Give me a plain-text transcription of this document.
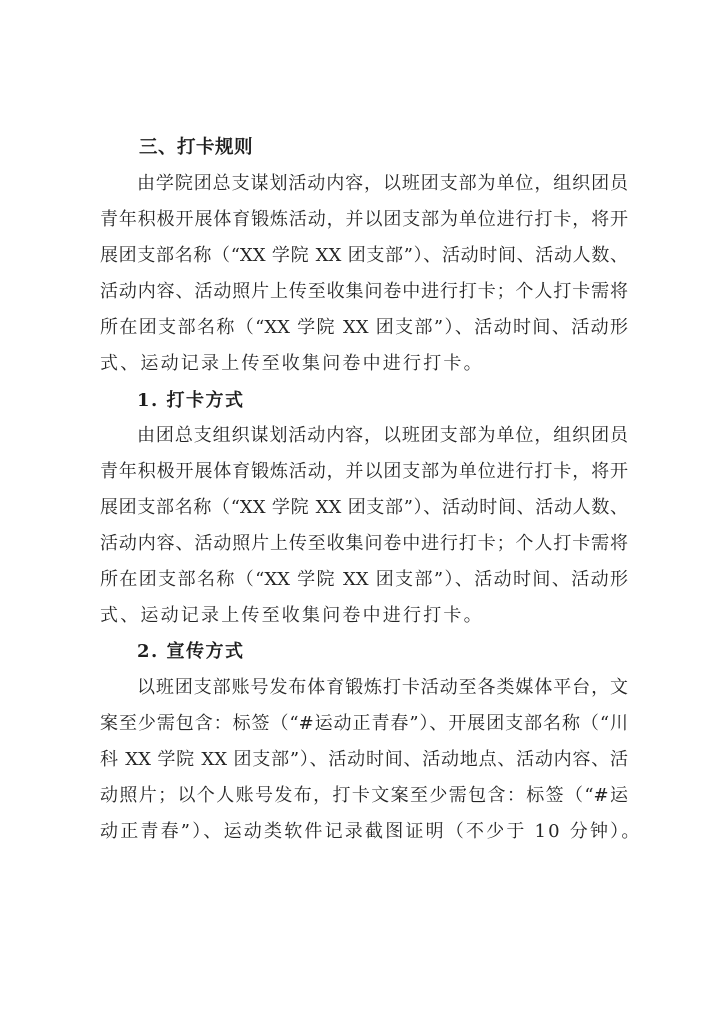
三、打卡规则
由学院团总支谋划活动内容，以班团支部为单位，组织团员
青年积极开展体育锻炼活动，并以团支部为单位进行打卡，将开
展团支部名称（“XX 学院 XX 团支部”）、活动时间、活动人数、
活动内容、活动照片上传至收集问卷中进行打卡；个人打卡需将
所在团支部名称（“XX 学院 XX 团支部”）、活动时间、活动形
式、运动记录上传至收集问卷中进行打卡。
1. 打卡方式
由团总支组织谋划活动内容，以班团支部为单位，组织团员
青年积极开展体育锻炼活动，并以团支部为单位进行打卡，将开
展团支部名称（“XX 学院 XX 团支部”）、活动时间、活动人数、
活动内容、活动照片上传至收集问卷中进行打卡；个人打卡需将
所在团支部名称（“XX 学院 XX 团支部”）、活动时间、活动形
式、运动记录上传至收集问卷中进行打卡。
2. 宣传方式
以班团支部账号发布体育锻炼打卡活动至各类媒体平台，文
案至少需包含：标签（“#运动正青春”）、开展团支部名称（“川
科 XX 学院 XX 团支部”）、活动时间、活动地点、活动内容、活
动照片；以个人账号发布，打卡文案至少需包含：标签（“#运
动正青春”）、运动类软件记录截图证明（不少于 10 分钟）。
